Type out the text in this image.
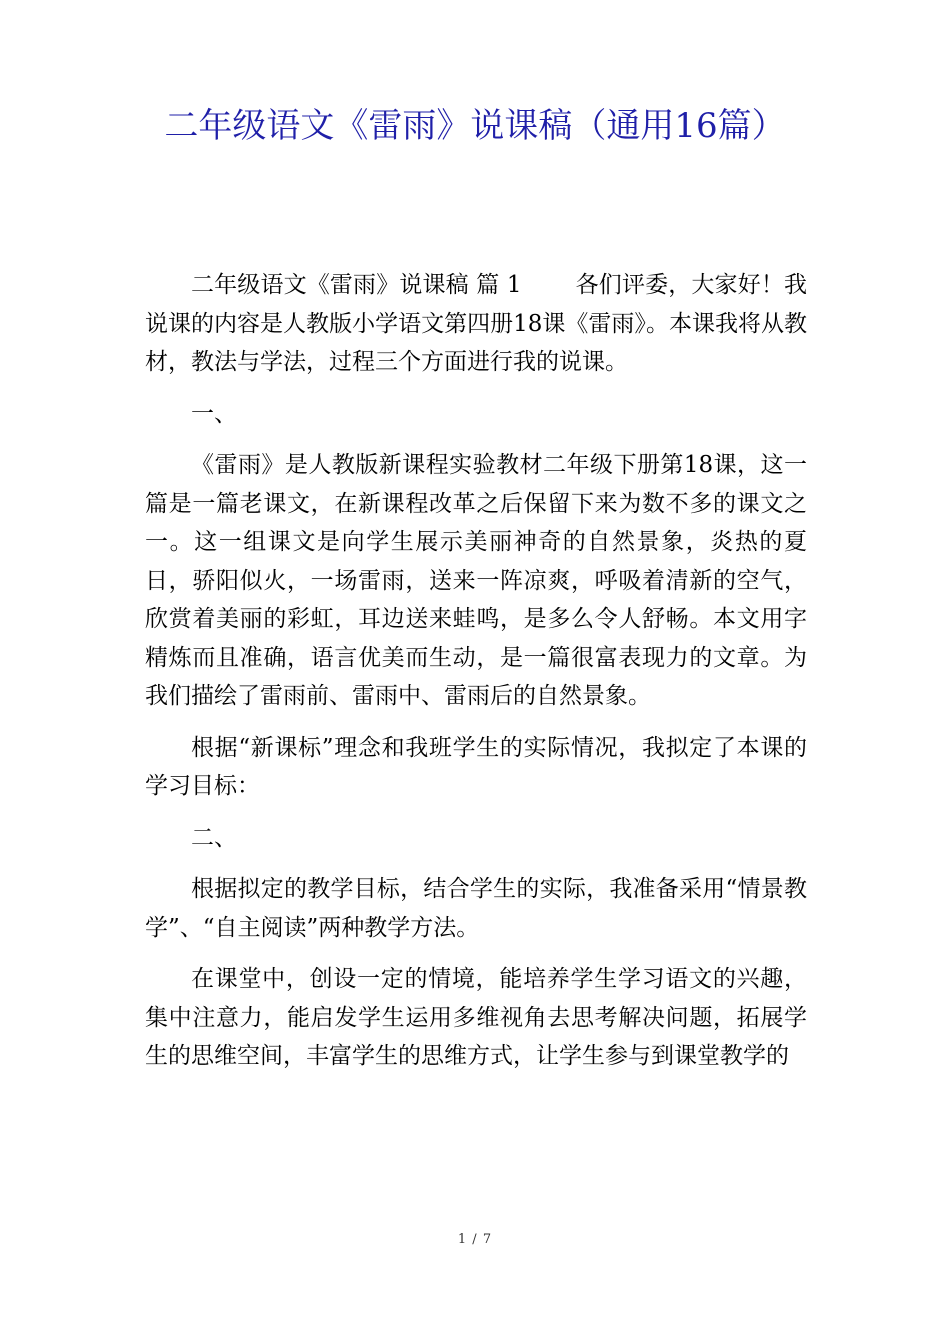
二年级语文《雷雨》说课稿（通用16篇）

二年级语文《雷雨》说课稿 篇 1 各们评委，大家好！我说课的内容是人教版小学语文第四册18课《雷雨》。本课我将从教材，教法与学法，过程三个方面进行我的说课。

一、

《雷雨》是人教版新课程实验教材二年级下册第18课，这一篇是一篇老课文，在新课程改革之后保留下来为数不多的课文之一。这一组课文是向学生展示美丽神奇的自然景象，炎热的夏日，骄阳似火，一场雷雨，送来一阵凉爽，呼吸着清新的空气，欣赏着美丽的彩虹，耳边送来蛙鸣，是多么令人舒畅。本文用字精炼而且准确，语言优美而生动，是一篇很富表现力的文章。为我们描绘了雷雨前、雷雨中、雷雨后的自然景象。

根据“新课标”理念和我班学生的实际情况，我拟定了本课的学习目标：

二、

根据拟定的教学目标，结合学生的实际，我准备采用“情景教学”、“自主阅读”两种教学方法。

在课堂中，创设一定的情境，能培养学生学习语文的兴趣，集中注意力，能启发学生运用多维视角去思考解决问题，拓展学生的思维空间，丰富学生的思维方式，让学生参与到课堂教学的

1 / 7
